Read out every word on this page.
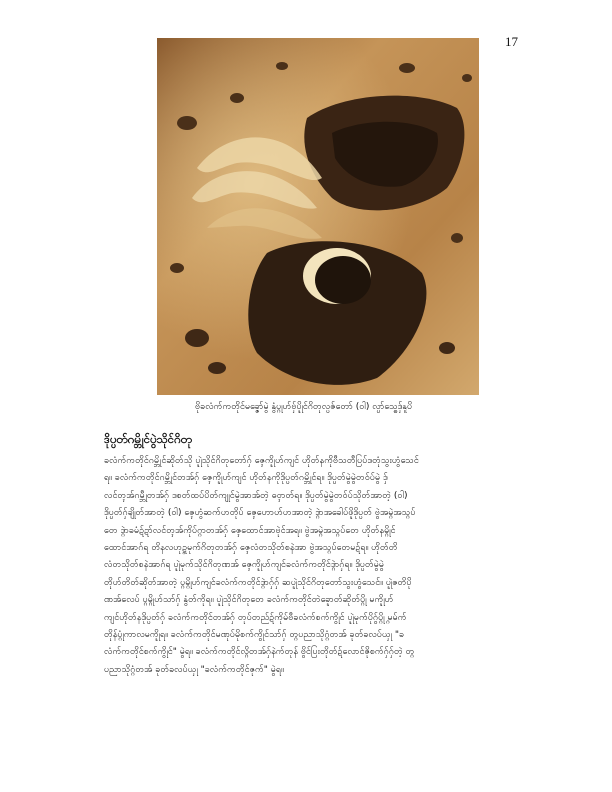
17
ဗိုခလံက်ကတိုင်မခ္ဇော်မွဲ နွံပ္ဂုဟ်ဗှ်ပ္ဍိုင်ဂိတုလ္ပဇ်တော် (ဝါ) လ္ပာ်သ္ဓေဒှ်နူပိ
ဒိုပ္ပတ်ဂမ္ဘိုင်ပွဲသိုင်ဂိတု
ခလံက်ကတိုင်ဂမ္ဘိုင်ဆိုတ်သို ပ္ဍုဲသိုင်ဂိတုတော်ဂှ် ဇ္ၚေက္ဍိုဟ်ကျင် ဟိုတ်နကိုဗီသတီပြပ်ဒတုံသွးဟွံသေင်
ရ။ ခလံက်ကတိုင်ဂမ္ဘိုင်တအ်ဂှ် ဇ္ၚေက္ဍိုဟ်ကျင် ဟိုတ်နကိုဒိုပ္ပတ်ဂမ္ဘိုင်ရ။ ဒိုပ္ပတ်မွဲမွဲတဝ်ပ်မွဲ ဒှ်
လင်တ္ၚအ်ဂမ္ဘီုတအ်ဂှ် ဒစတ်ထပ်ပိတ်ကျုင်မွဲအာအ်တဲ့ ဓဝ္ၚာတ်ရ။ ဒိုပ္ပတ်မွဲမွဲတဝ်ပ်သိုတ်အာတဲ့ (ဝါ)
ဒိုပ္ပတ်ဂှ်ချိုတ်အာတဲ့ (ဝါ) ဇ္ၚေဟွံဆက်ဟတိုပ် ဇ္ၚေဟောဟ်ဟအာတဲ့ ဒ္ဂဲာအခေါပ်ဖ္ဍိဒိုပ္ပတ် ဗွဲအမ္ဂဲအသ္ဂပ်
တေ ဒ္ဂဲာခမံဍ်ဍာ်လင်တ္ၚအ်ကိုပ်ဂ္ဂာတအ်ဂှ် ဇ္ၚေထောင်အာဗုဲင်အရ။ ဗွဲအမ္ဂဲအသ္ဂပ်တေ ဟိုတ်နမ္ဂိုင်
ထောင်အာဂ်ရ တိနလဟုဍ္ဂမုက်ဂိတုတအ်ဂှ် ဇ္ၚေလံတသိုတ်စနဲအာ ဗွဲအသ္ဂပ်တေမဍ်ရ။ ဟိုတ်တိ
လံတသိုတ်စနဲအာဂ်ရ ပ္ဍုဲမုက်သိုင်ဂိတုဏအ် ဇ္ၚေက္ဍိုဟ်ကျင်ခလံက်ကတိုင်ဒ္ဂဲာဂှ်ရ။ ဒိုပ္ပတ်မွဲမွဲ
တိုဟ်တိတ်ဆိုတ်အာတဲ့ ပ္ဂမ္ဂိုဟ်ကျင်ခလံက်ကတိုင်ဒ္ဂဲာဂှ်ဂှ် ဆပ္ဍုဲသိုင်ဂိတုတော်သွးဟွံသေင်။ ပ္ဍုဲဇတိပို
ဏအ်လေပ် ပ္ဂမ္ဂိုဟ်သာ်ဂှ် နွံတ်ကိုရ။ ပ္ဍုဲသိုင်ဂိတုတေ ခလံက်ကတိုင်တဲခ္ဍောတ်ဆိုတ်ပ္ဂို မက္ဍိုဟ်
ကျင်ဟိုတ်နဒိုပ္ပတ်ဂှ် ခလံက်ကတိုင်တအ်ဂှ် တုပ်တည်ဍ်ကိုမ်ဗီခလံက်စက်ကွိုင် ပ္ဍုဲမုက်ပိုဂွ်ပ္ဂ္ဂို မမ်က်
တိုန်ပ္ဂုံကာလမက္ဍိုရ။ ခလံက်ကတိုင်မဏုပ်မိုစက်ကွိုင်သာ်ဂှ် တ္ဂပညာသိုဂ္ဂံတအ် ခုတ်ခလပ်ယှု "ခ
လံက်ကတိုင်စက်ကွိုင်" မွဲရ။ ခလံက်ကတိုင်လ္ဂိတအ်ဂှ်နဲက်တုန် ဗွိင်ပြးတိုတ်ဍ်လောင်ဇိုစက်ဂှ်ဂှ်တဲ့ တ္ဂ
ပညာသိုဂ္ဂံတအ် ခုတ်ခလပ်ယှု "ခလံက်ကတိုင်ဇုက်" မွဲရ။
